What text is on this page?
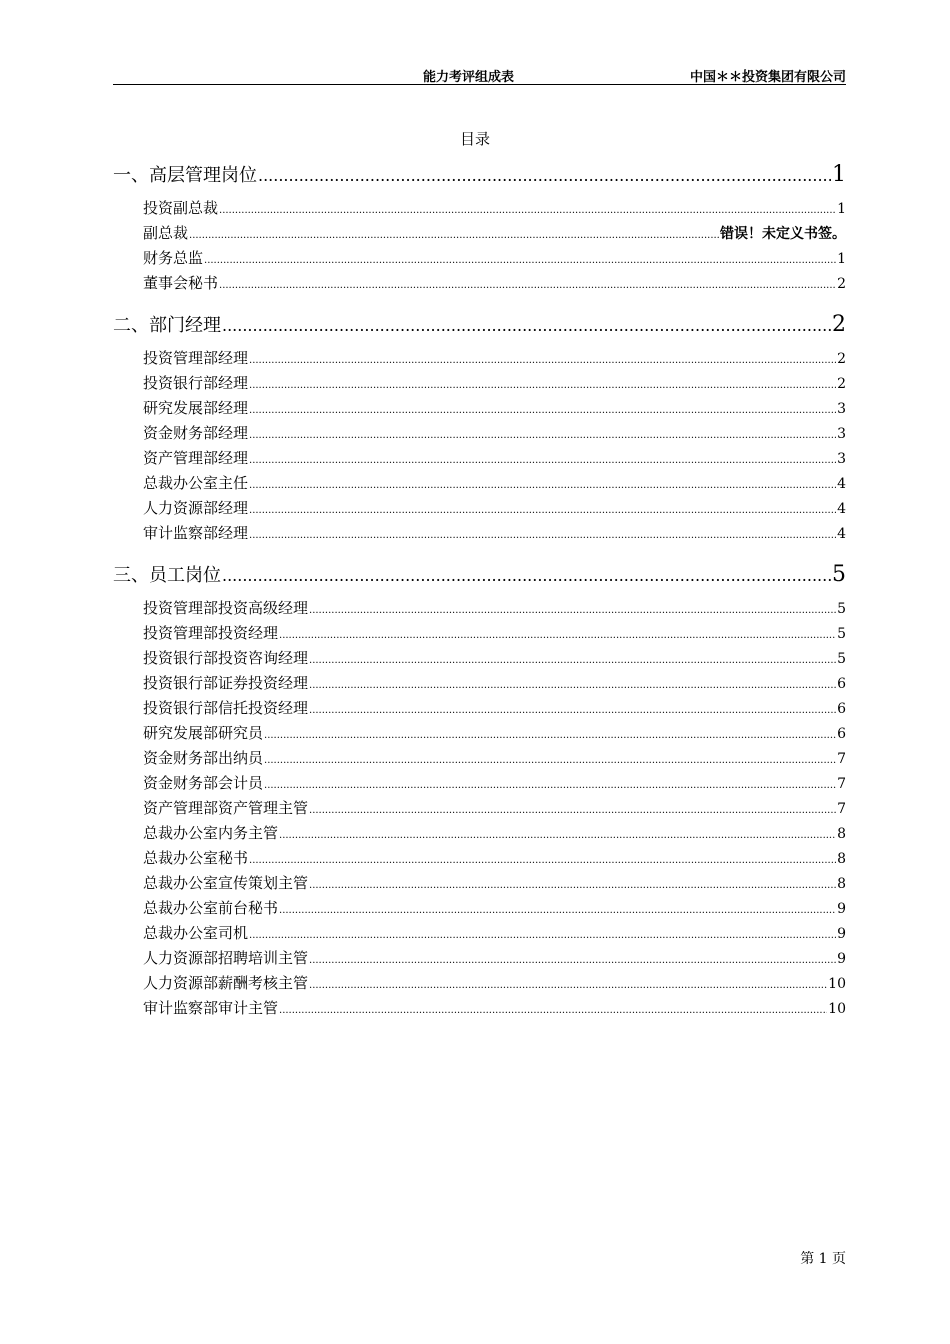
能力考评组成表	中国＊＊投资集团有限公司
目录
一、高层管理岗位 .....	1
投资副总裁 .....	1
副总裁 .....	错误！未定义书签。
财务总监 .....	1
董事会秘书 .....	2
二、部门经理 .....	2
投资管理部经理 .....	2
投资银行部经理 .....	2
研究发展部经理 .....	3
资金财务部经理 .....	3
资产管理部经理 .....	3
总裁办公室主任 .....	4
人力资源部经理 .....	4
审计监察部经理 .....	4
三、员工岗位 .....	5
投资管理部投资高级经理 .....	5
投资管理部投资经理 .....	5
投资银行部投资咨询经理 .....	5
投资银行部证券投资经理 .....	6
投资银行部信托投资经理 .....	6
研究发展部研究员 .....	6
资金财务部出纳员 .....	7
资金财务部会计员 .....	7
资产管理部资产管理主管 .....	7
总裁办公室内务主管 .....	8
总裁办公室秘书 .....	8
总裁办公室宣传策划主管 .....	8
总裁办公室前台秘书 .....	9
总裁办公室司机 .....	9
人力资源部招聘培训主管 .....	9
人力资源部薪酬考核主管 .....	10
审计监察部审计主管 .....	10
第 1 页
